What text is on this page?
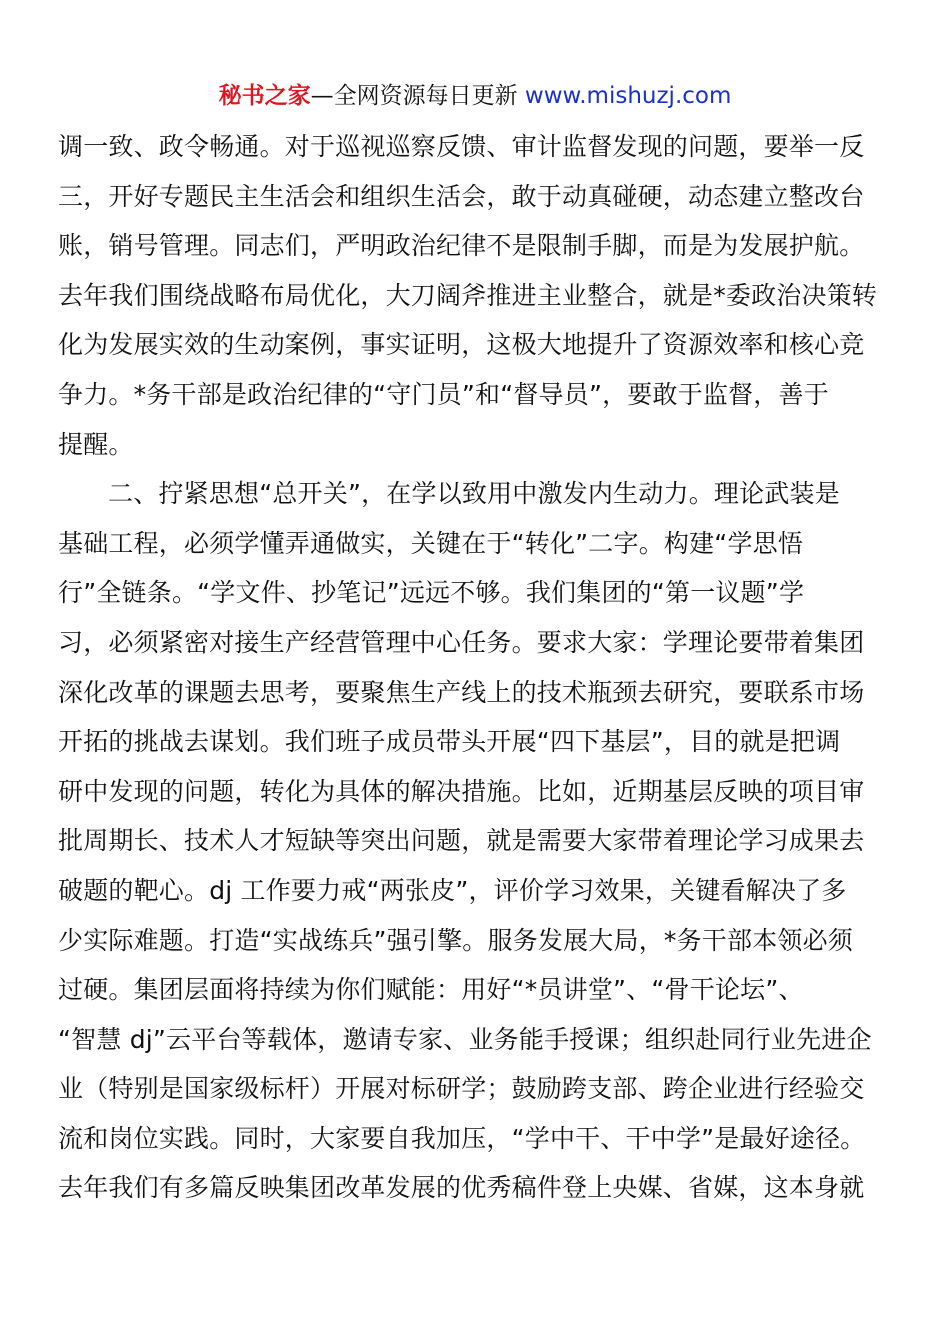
秘书之家—全网资源每日更新 www.mishuzj.com
调一致、政令畅通。对于巡视巡察反馈、审计监督发现的问题，要举一反
三，开好专题民主生活会和组织生活会，敢于动真碰硬，动态建立整改台
账，销号管理。同志们，严明政治纪律不是限制手脚，而是为发展护航。
去年我们围绕战略布局优化，大刀阔斧推进主业整合，就是*委政治决策转
化为发展实效的生动案例，事实证明，这极大地提升了资源效率和核心竞
争力。*务干部是政治纪律的“守门员”和“督导员”，要敢于监督，善于
提醒。
二、拧紧思想“总开关”，在学以致用中激发内生动力。理论武装是
基础工程，必须学懂弄通做实，关键在于“转化”二字。构建“学思悟
行”全链条。“学文件、抄笔记”远远不够。我们集团的“第一议题”学
习，必须紧密对接生产经营管理中心任务。要求大家：学理论要带着集团
深化改革的课题去思考，要聚焦生产线上的技术瓶颈去研究，要联系市场
开拓的挑战去谋划。我们班子成员带头开展“四下基层”，目的就是把调
研中发现的问题，转化为具体的解决措施。比如，近期基层反映的项目审
批周期长、技术人才短缺等突出问题，就是需要大家带着理论学习成果去
破题的靶心。dj 工作要力戒“两张皮”，评价学习效果，关键看解决了多
少实际难题。打造“实战练兵”强引擎。服务发展大局，*务干部本领必须
过硬。集团层面将持续为你们赋能：用好“*员讲堂”、“骨干论坛”、
“智慧 dj”云平台等载体，邀请专家、业务能手授课；组织赴同行业先进企
业（特别是国家级标杆）开展对标研学；鼓励跨支部、跨企业进行经验交
流和岗位实践。同时，大家要自我加压，“学中干、干中学”是最好途径。
去年我们有多篇反映集团改革发展的优秀稿件登上央媒、省媒，这本身就
